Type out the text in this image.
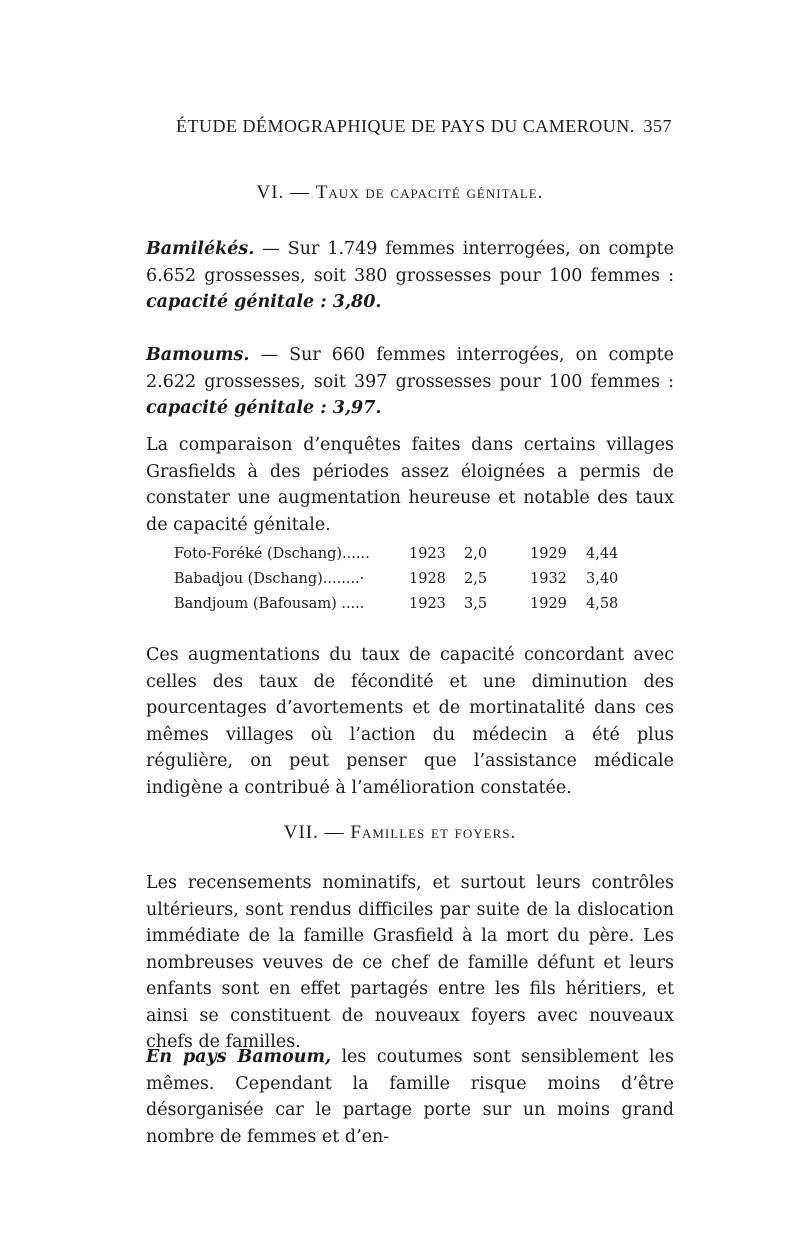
ÉTUDE DÉMOGRAPHIQUE DE PAYS DU CAMEROUN. 357
VI. — Taux de capacité génitale.

Bamilékés. — Sur 1.749 femmes interrogées, on compte 6.652 grossesses, soit 380 grossesses pour 100 femmes : capacité génitale : 3,80.

Bamoums. — Sur 660 femmes interrogées, on compte 2.622 grossesses, soit 397 grossesses pour 100 femmes : capacité génitale : 3,97.

La comparaison d’enquêtes faites dans certains villages Grasfields à des périodes assez éloignées a permis de constater une augmentation heureuse et notable des taux de capacité génitale.

Foto-Foréké (Dschang)......	1923 2,0	1929 4,44
Babadjou (Dschang)........·	1928 2,5	1932 3,40
Bandjoum (Bafousam) .....	1923 3,5	1929 4,58

Ces augmentations du taux de capacité concordant avec celles des taux de fécondité et une diminution des pourcentages d’avortements et de mortinatalité dans ces mêmes villages où l’action du médecin a été plus régulière, on peut penser que l’assistance médicale indigène a contribué à l’amélioration constatée.

VII. — Familles et foyers.

Les recensements nominatifs, et surtout leurs contrôles ultérieurs, sont rendus difficiles par suite de la dislocation immédiate de la famille Grasfield à la mort du père. Les nombreuses veuves de ce chef de famille défunt et leurs enfants sont en effet partagés entre les fils héritiers, et ainsi se constituent de nouveaux foyers avec nouveaux chefs de familles.

En pays Bamoum, les coutumes sont sensiblement les mêmes. Cependant la famille risque moins d’être désorganisée car le partage porte sur un moins grand nombre de femmes et d’en-
